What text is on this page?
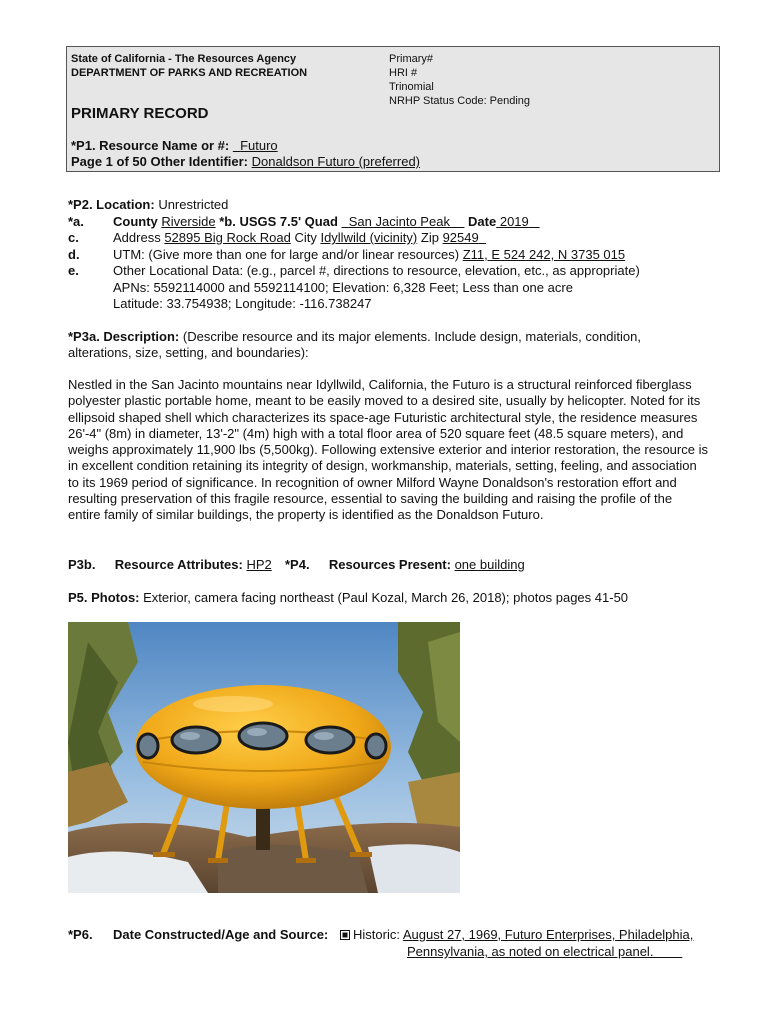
State of California - The Resources Agency
DEPARTMENT OF PARKS AND RECREATION
Primary#
HRI #
Trinomial
NRHP Status Code: Pending
PRIMARY RECORD
*P1. Resource Name or #: Futuro
Page 1 of 50 Other Identifier: Donaldson Futuro (preferred)
*P2. Location: Unrestricted
*a. County Riverside *b. USGS 7.5' Quad San Jacinto Peak Date 2019
c.	Address 52895 Big Rock Road City Idyllwild (vicinity) Zip 92549
d.	UTM: (Give more than one for large and/or linear resources) Z11, E 524 242, N 3735 015
e.	Other Locational Data: (e.g., parcel #, directions to resource, elevation, etc., as appropriate)
APNs: 5592114000 and 5592114100; Elevation: 6,328 Feet; Less than one acre
Latitude: 33.754938; Longitude: -116.738247
*P3a. Description: (Describe resource and its major elements. Include design, materials, condition, alterations, size, setting, and boundaries):
Nestled in the San Jacinto mountains near Idyllwild, California, the Futuro is a structural reinforced fiberglass polyester plastic portable home, meant to be easily moved to a desired site, usually by helicopter. Noted for its ellipsoid shaped shell which characterizes its space-age Futuristic architectural style, the residence measures 26'-4" (8m) in diameter, 13'-2" (4m) high with a total floor area of 520 square feet (48.5 square meters), and weighs approximately 11,900 lbs (5,500kg). Following extensive exterior and interior restoration, the resource is in excellent condition retaining its integrity of design, workmanship, materials, setting, feeling, and association to its 1969 period of significance. In recognition of owner Milford Wayne Donaldson's restoration effort and resulting preservation of this fragile resource, essential to saving the building and raising the profile of the entire family of similar buildings, the property is identified as the Donaldson Futuro.
P3b. Resource Attributes: HP2 *P4. Resources Present: one building
P5. Photos: Exterior, camera facing northeast (Paul Kozal, March 26, 2018); photos pages 41-50
*P6. Date Constructed/Age and Source:	Historic: August 27, 1969, Futuro Enterprises, Philadelphia,
Pennsylvania, as noted on electrical panel.
